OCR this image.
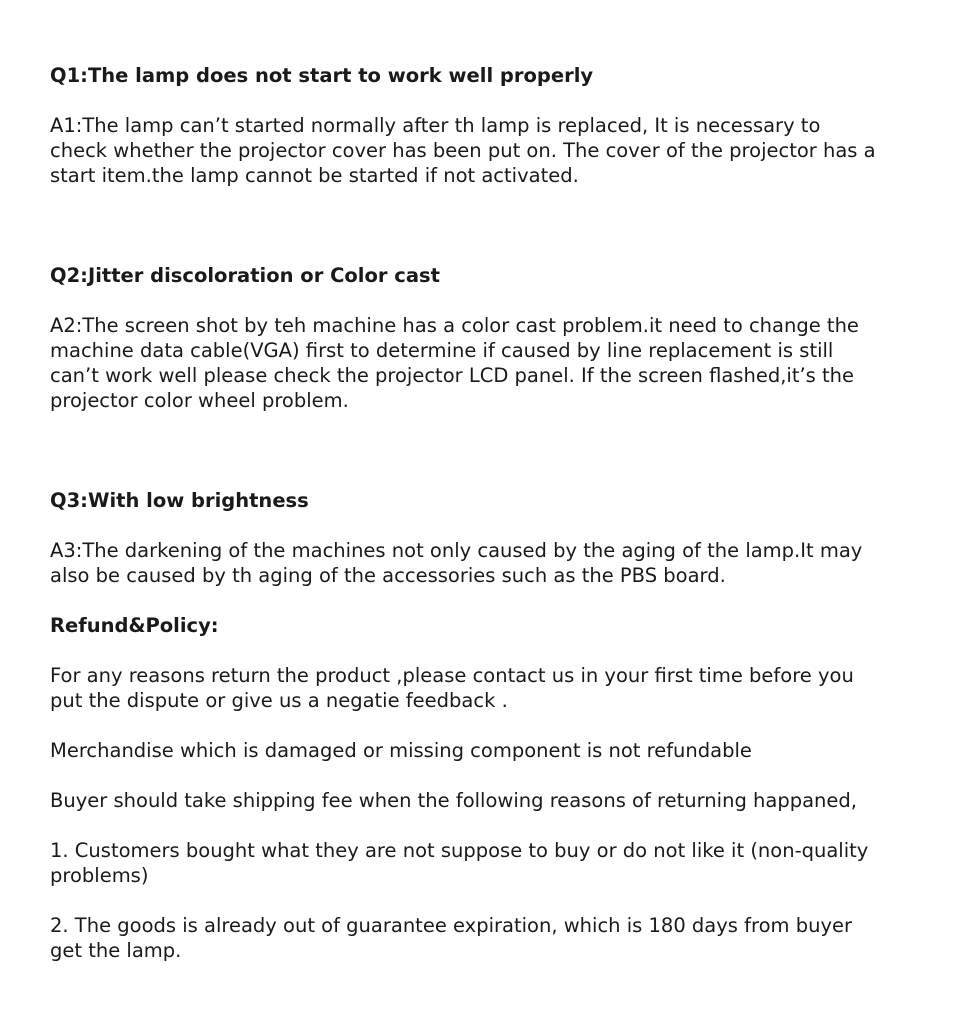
Q1:The lamp does not start to work well properly
A1:The lamp can’t started normally after th lamp is replaced, It is necessary to
check whether the projector cover has been put on. The cover of the projector has a
start item.the lamp cannot be started if not activated.
Q2:Jitter discoloration or Color cast
A2:The screen shot by teh machine has a color cast problem.it need to change the
machine data cable(VGA) first to determine if caused by line replacement is still
can’t work well please check the projector LCD panel. If the screen flashed,it’s the
projector color wheel problem.
Q3:With low brightness
A3:The darkening of the machines not only caused by the aging of the lamp.It may
also be caused by th aging of the accessories such as the PBS board.
Refund&Policy:
For any reasons return the product ,please contact us in your first time before you
put the dispute or give us a negatie feedback .
Merchandise which is damaged or missing component is not refundable
Buyer should take shipping fee when the following reasons of returning happaned,
1. Customers bought what they are not suppose to buy or do not like it (non-quality
problems)
2. The goods is already out of guarantee expiration, which is 180 days from buyer
get the lamp.
